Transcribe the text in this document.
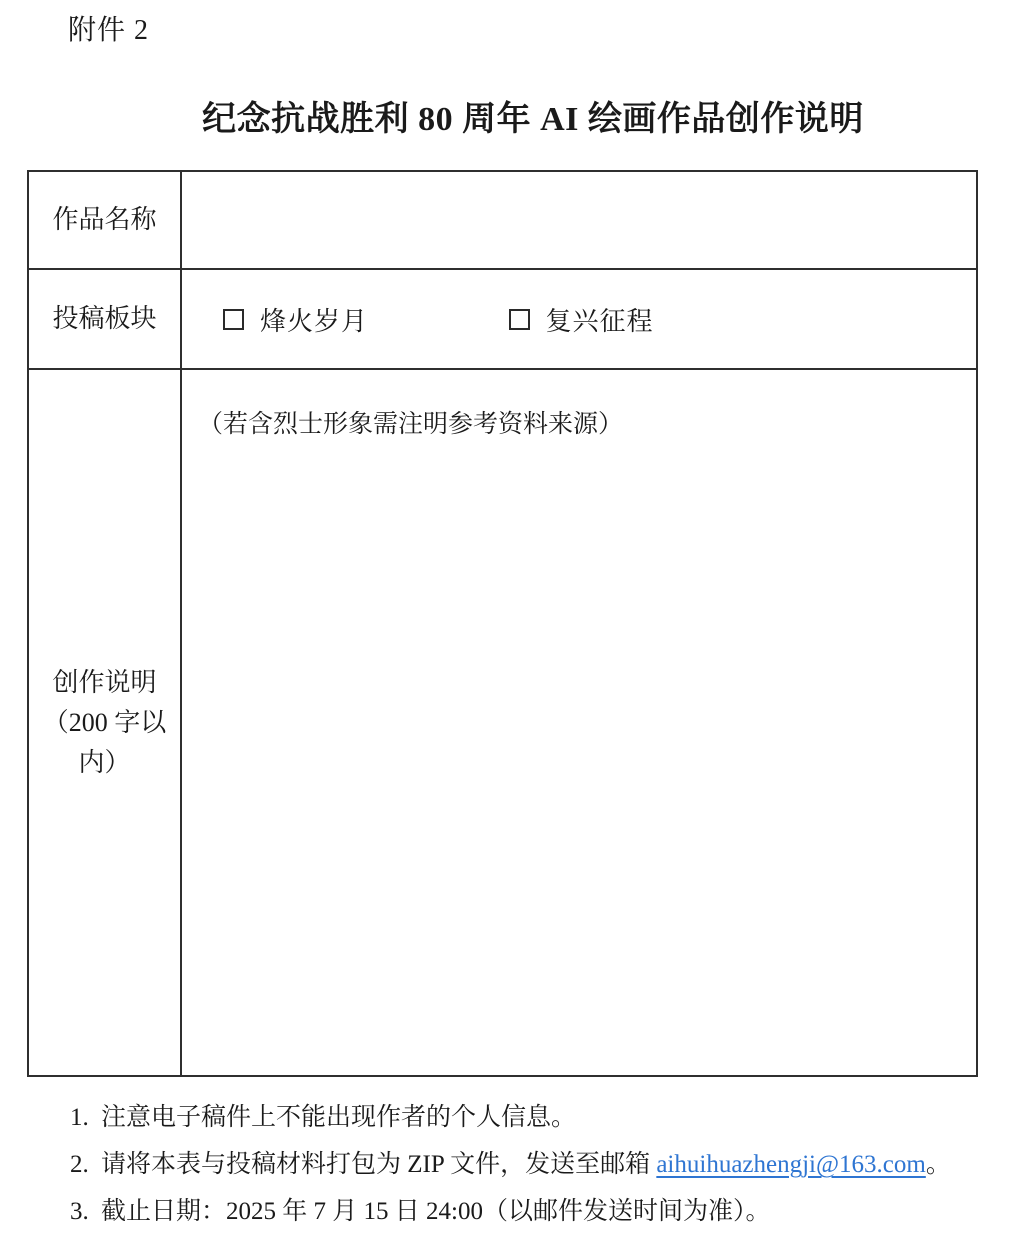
附件 2
纪念抗战胜利 80 周年 AI 绘画作品创作说明
作品名称	
投稿板块	烽火岁月
复兴征程

创作说明
（200 字以
内）	（若含烈士形象需注明参考资料来源）
1. 注意电子稿件上不能出现作者的个人信息。
2. 请将本表与投稿材料打包为 ZIP 文件，发送至邮箱 aihuihuazhengji@163.com。
3. 截止日期：2025 年 7 月 15 日 24:00（以邮件发送时间为准）。
